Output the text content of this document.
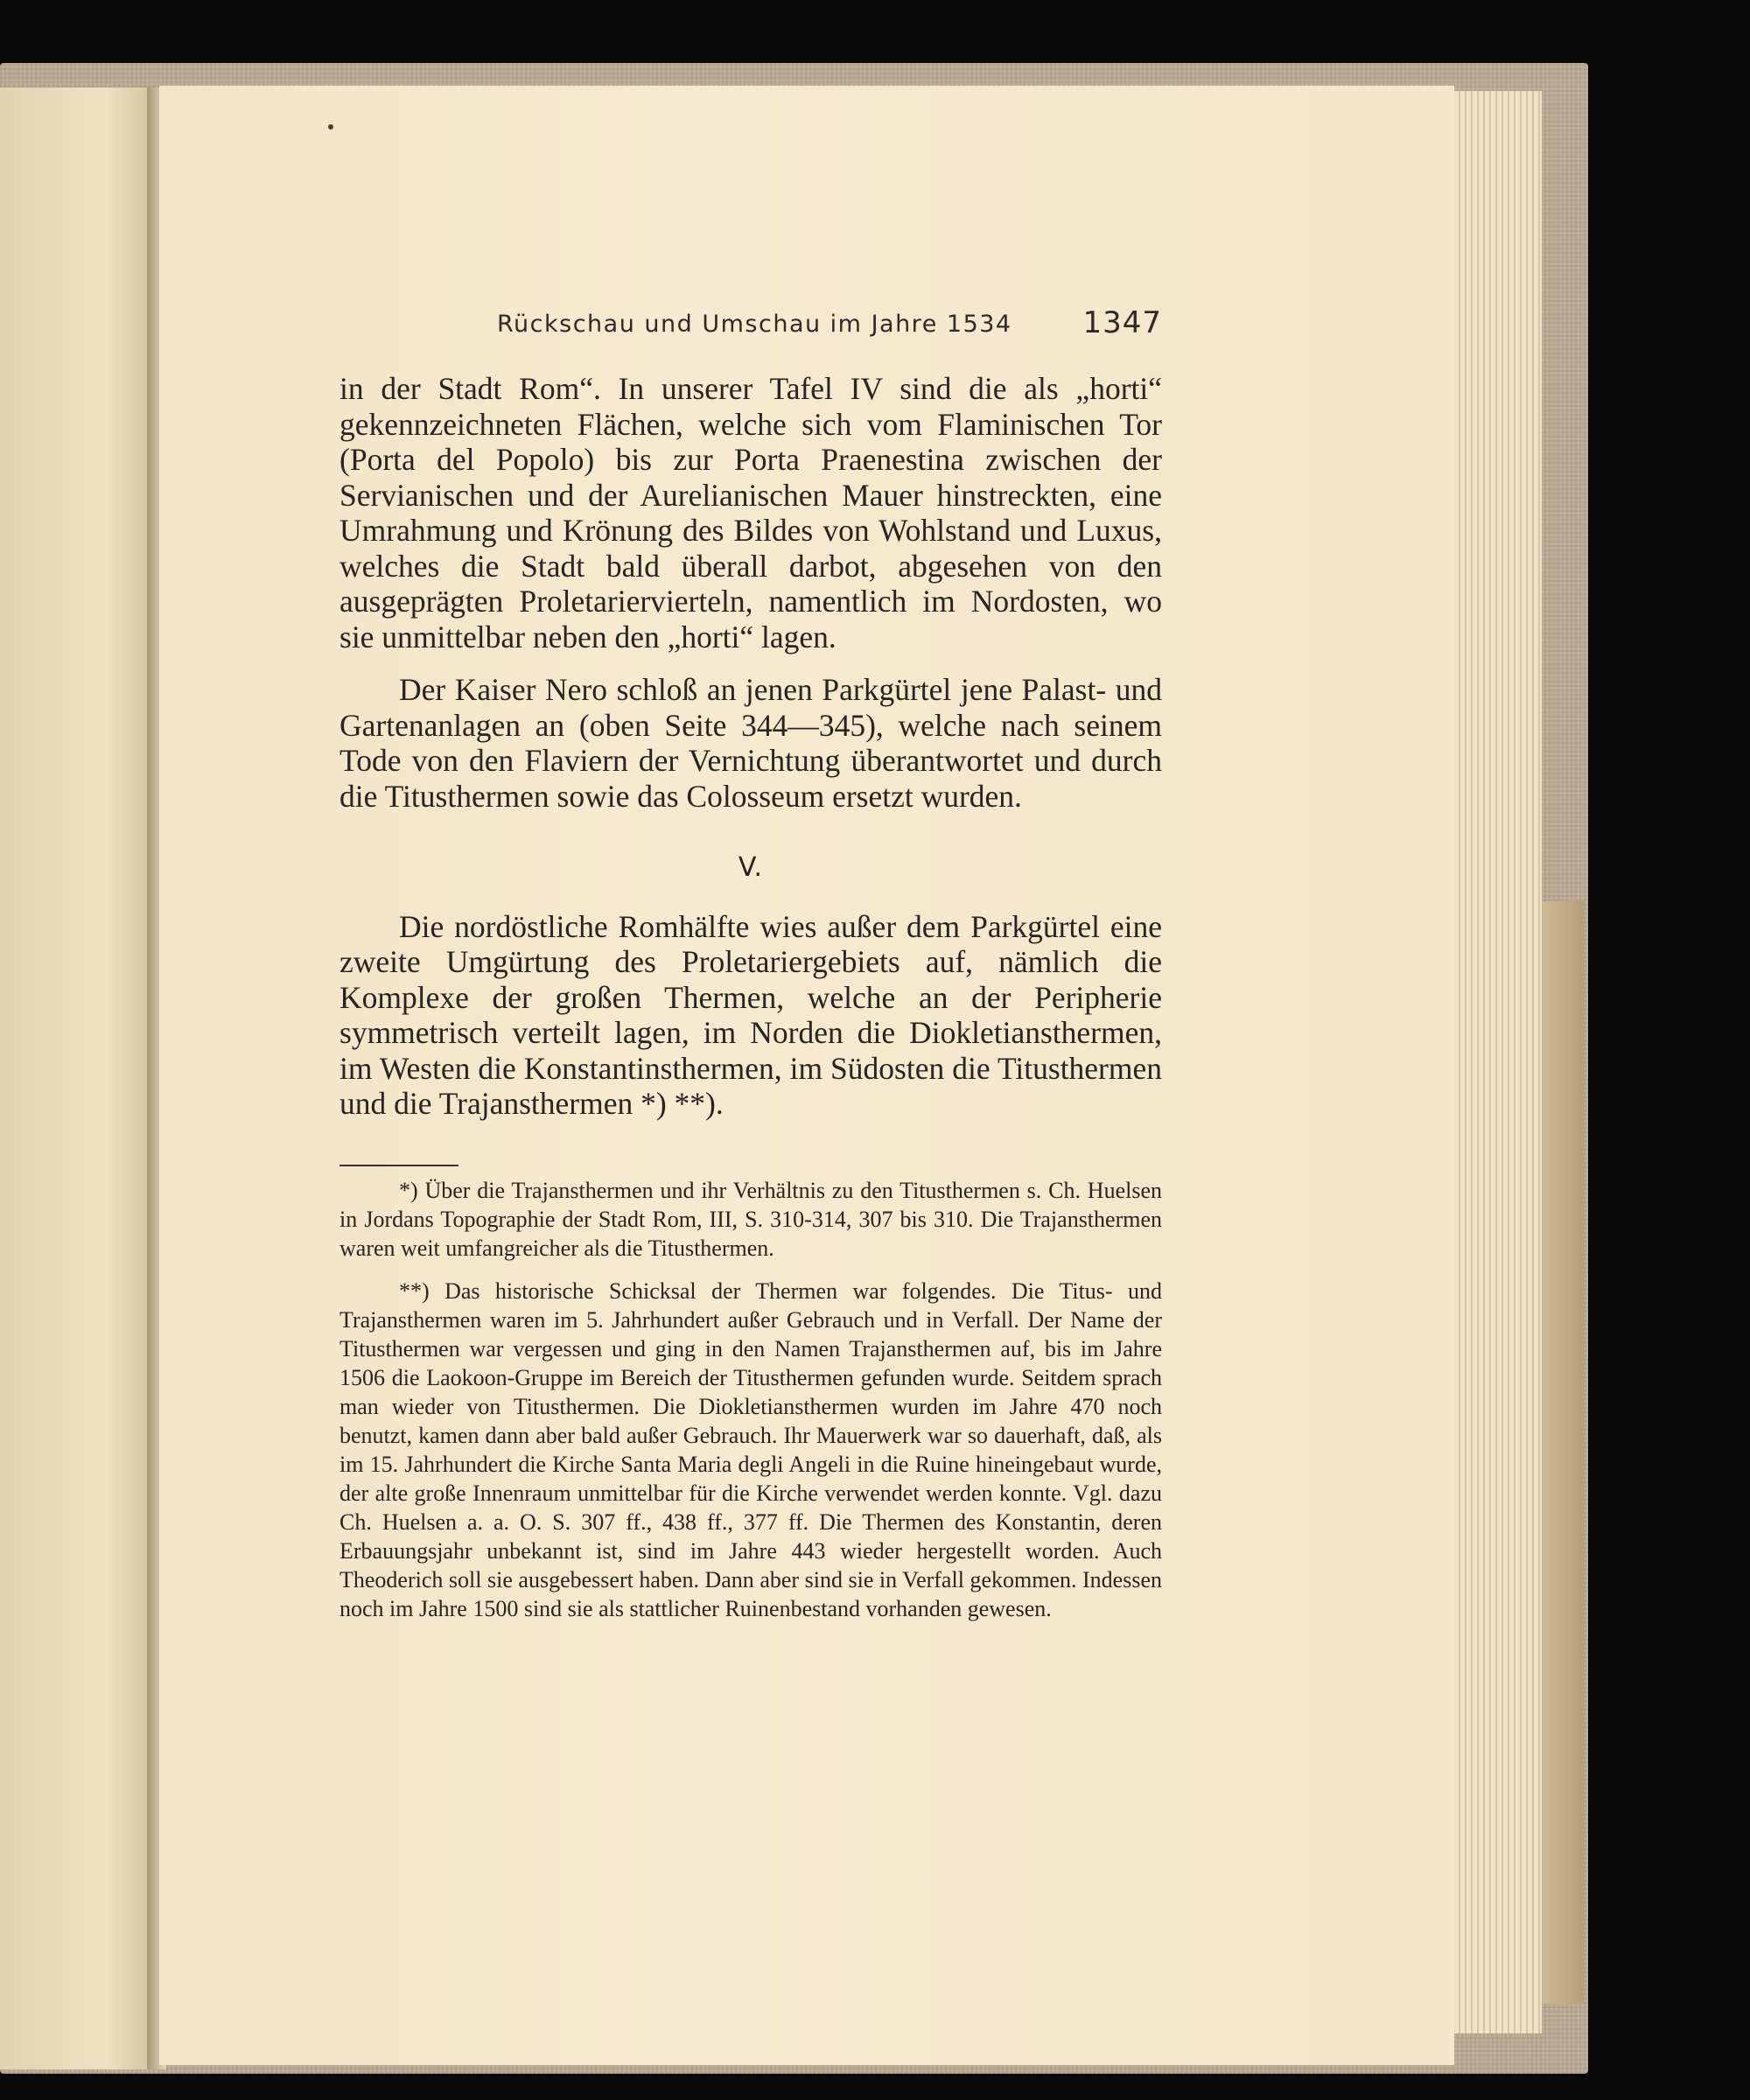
Rückschau und Umschau im Jahre 1534 1347

in der Stadt Rom“. In unserer Tafel IV sind die als „horti“ gekennzeichneten Flächen, welche sich vom Flaminischen Tor (Porta del Popolo) bis zur Porta Praenestina zwischen der Servianischen und der Aurelianischen Mauer hinstreckten, eine Umrahmung und Krönung des Bildes von Wohlstand und Luxus, welches die Stadt bald überall darbot, abgesehen von den ausgeprägten Proletariervierteln, namentlich im Nordosten, wo sie unmittelbar neben den „horti“ lagen.

Der Kaiser Nero schloß an jenen Parkgürtel jene Palast- und Gartenanlagen an (oben Seite 344—345), welche nach seinem Tode von den Flaviern der Vernichtung überantwortet und durch die Titusthermen sowie das Colosseum ersetzt wurden.

V.

Die nordöstliche Romhälfte wies außer dem Parkgürtel eine zweite Umgürtung des Proletariergebiets auf, nämlich die Komplexe der großen Thermen, welche an der Peripherie symmetrisch verteilt lagen, im Norden die Diokletiansthermen, im Westen die Konstantinsthermen, im Südosten die Titusthermen und die Trajansthermen *) **).

*) Über die Trajansthermen und ihr Verhältnis zu den Titusthermen s. Ch. Huelsen in Jordans Topographie der Stadt Rom, III, S. 310-314, 307 bis 310. Die Trajansthermen waren weit umfangreicher als die Titusthermen.

**) Das historische Schicksal der Thermen war folgendes. Die Titus- und Trajansthermen waren im 5. Jahrhundert außer Gebrauch und in Verfall. Der Name der Titusthermen war vergessen und ging in den Namen Trajansthermen auf, bis im Jahre 1506 die Laokoon-Gruppe im Bereich der Titusthermen gefunden wurde. Seitdem sprach man wieder von Titusthermen. Die Diokletiansthermen wurden im Jahre 470 noch benutzt, kamen dann aber bald außer Gebrauch. Ihr Mauerwerk war so dauerhaft, daß, als im 15. Jahrhundert die Kirche Santa Maria degli Angeli in die Ruine hineingebaut wurde, der alte große Innenraum unmittelbar für die Kirche verwendet werden konnte. Vgl. dazu Ch. Huelsen a. a. O. S. 307 ff., 438 ff., 377 ff. Die Thermen des Konstantin, deren Erbauungsjahr unbekannt ist, sind im Jahre 443 wieder hergestellt worden. Auch Theoderich soll sie ausgebessert haben. Dann aber sind sie in Verfall gekommen. Indessen noch im Jahre 1500 sind sie als stattlicher Ruinenbestand vorhanden gewesen.
